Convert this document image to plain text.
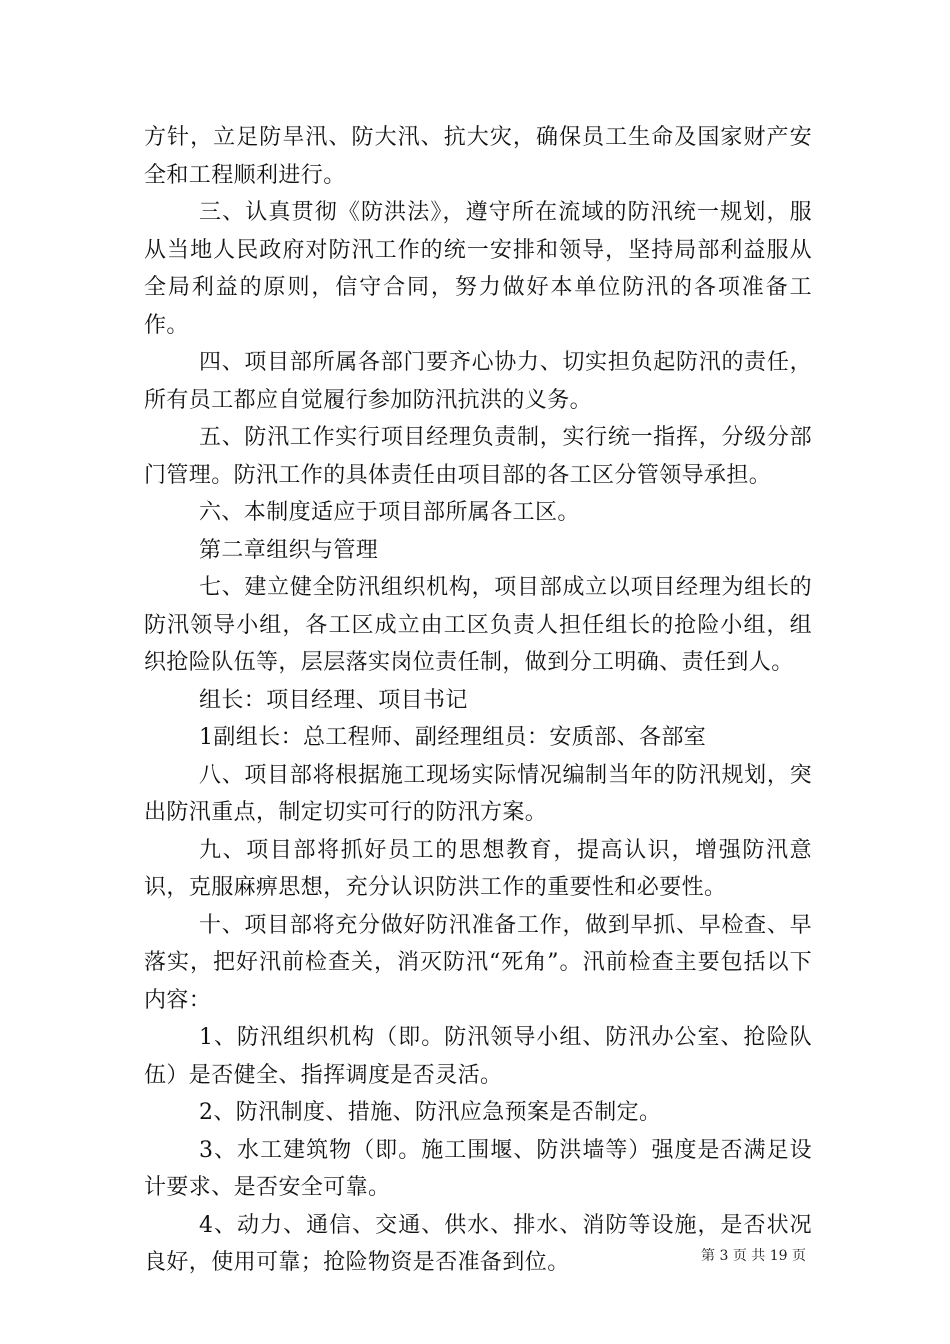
方针，立足防旱汛、防大汛、抗大灾，确保员工生命及国家财产安全和工程顺利进行。

三、认真贯彻《防洪法》，遵守所在流域的防汛统一规划，服从当地人民政府对防汛工作的统一安排和领导，坚持局部利益服从全局利益的原则，信守合同，努力做好本单位防汛的各项准备工作。

四、项目部所属各部门要齐心协力、切实担负起防汛的责任，所有员工都应自觉履行参加防汛抗洪的义务。

五、防汛工作实行项目经理负责制，实行统一指挥，分级分部门管理。防汛工作的具体责任由项目部的各工区分管领导承担。

六、本制度适应于项目部所属各工区。

第二章组织与管理

七、建立健全防汛组织机构，项目部成立以项目经理为组长的防汛领导小组，各工区成立由工区负责人担任组长的抢险小组，组织抢险队伍等，层层落实岗位责任制，做到分工明确、责任到人。

组长：项目经理、项目书记

1副组长：总工程师、副经理组员：安质部、各部室

八、项目部将根据施工现场实际情况编制当年的防汛规划，突出防汛重点，制定切实可行的防汛方案。

九、项目部将抓好员工的思想教育，提高认识，增强防汛意识，克服麻痹思想，充分认识防洪工作的重要性和必要性。

十、项目部将充分做好防汛准备工作，做到早抓、早检查、早落实，把好汛前检查关，消灭防汛“死角”。汛前检查主要包括以下内容：

1、防汛组织机构（即。防汛领导小组、防汛办公室、抢险队伍）是否健全、指挥调度是否灵活。

2、防汛制度、措施、防汛应急预案是否制定。

3、水工建筑物（即。施工围堰、防洪墙等）强度是否满足设计要求、是否安全可靠。

4、动力、通信、交通、供水、排水、消防等设施，是否状况良好，使用可靠；抢险物资是否准备到位。	第 3 页 共 19 页
